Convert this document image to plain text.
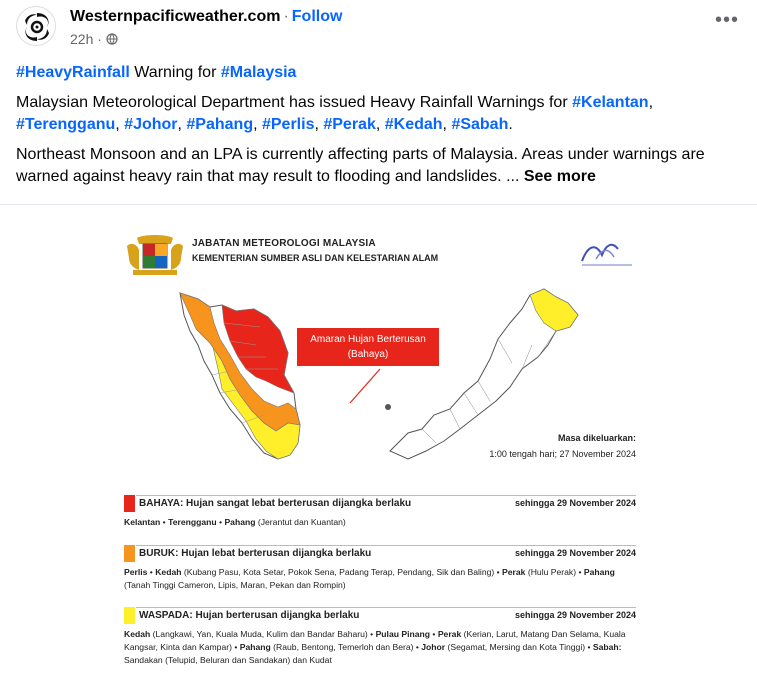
Westernpacificweather.com · Follow
22h ·
•••

#HeavyRainfall Warning for #Malaysia

Malaysian Meteorological Department has issued Heavy Rainfall Warnings for #Kelantan, #Terengganu, #Johor, #Pahang, #Perlis, #Perak, #Kedah, #Sabah.

Northeast Monsoon and an LPA is currently affecting parts of Malaysia. Areas under warnings are warned against heavy rain that may result to flooding and landslides. ... See more

JABATAN METEOROLOGI MALAYSIA
KEMENTERIAN SUMBER ASLI DAN KELESTARIAN ALAM
Amaran Hujan Berterusan
(Bahaya)
Masa dikeluarkan:
1:00 tengah hari; 27 November 2024
BAHAYA: Hujan sangat lebat berterusan dijangka berlaku	sehingga 29 November 2024
Kelantan • Terengganu • Pahang (Jerantut dan Kuantan)
BURUK: Hujan lebat berterusan dijangka berlaku	sehingga 29 November 2024
Perlis • Kedah (Kubang Pasu, Kota Setar, Pokok Sena, Padang Terap, Pendang, Sik dan Baling) • Perak (Hulu Perak) • Pahang (Tanah Tinggi Cameron, Lipis, Maran, Pekan dan Rompin)
WASPADA: Hujan berterusan dijangka berlaku	sehingga 29 November 2024
Kedah (Langkawi, Yan, Kuala Muda, Kulim dan Bandar Baharu) • Pulau Pinang • Perak (Kerian, Larut, Matang Dan Selama, Kuala Kangsar, Kinta dan Kampar) • Pahang (Raub, Bentong, Temerloh dan Bera) • Johor (Segamat, Mersing dan Kota Tinggi) • Sabah: Sandakan (Telupid, Beluran dan Sandakan) dan Kudat
